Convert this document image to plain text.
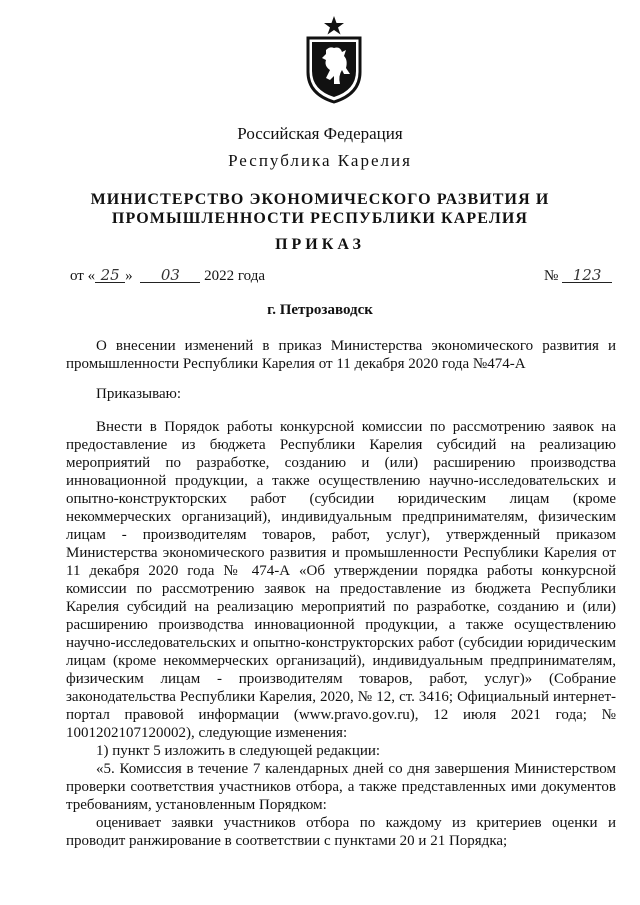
Российская Федерация
Республика Карелия
МИНИСТЕРСТВО ЭКОНОМИЧЕСКОГО РАЗВИТИЯ И
ПРОМЫШЛЕННОСТИ РЕСПУБЛИКИ КАРЕЛИЯ
ПРИКАЗ
от « 25 » 03 2022 года	№ 123
г. Петрозаводск

О внесении изменений в приказ Министерства экономического развития и промышленности Республики Карелия от 11 декабря 2020 года №474-А

Приказываю:

Внести в Порядок работы конкурсной комиссии по рассмотрению заявок на предоставление из бюджета Республики Карелия субсидий на реализацию мероприятий по разработке, созданию и (или) расширению производства инновационной продукции, а также осуществлению научно-исследовательских и опытно-конструкторских работ (субсидии юридическим лицам (кроме некоммерческих организаций), индивидуальным предпринимателям, физическим лицам - производителям товаров, работ, услуг), утвержденный приказом Министерства экономического развития и промышленности Республики Карелия от 11 декабря 2020 года № 474-А «Об утверждении порядка работы конкурсной комиссии по рассмотрению заявок на предоставление из бюджета Республики Карелия субсидий на реализацию мероприятий по разработке, созданию и (или) расширению производства инновационной продукции, а также осуществлению научно-исследовательских и опытно-конструкторских работ (субсидии юридическим лицам (кроме некоммерческих организаций), индивидуальным предпринимателям, физическим лицам - производителям товаров, работ, услуг)» (Собрание законодательства Республики Карелия, 2020, № 12, ст. 3416; Официальный интернет-портал правовой информации (www.pravo.gov.ru), 12 июля 2021 года; № 1001202107120002), следующие изменения:

1) пункт 5 изложить в следующей редакции:

«5. Комиссия в течение 7 календарных дней со дня завершения Министерством проверки соответствия участников отбора, а также представленных ими документов требованиям, установленным Порядком:

оценивает заявки участников отбора по каждому из критериев оценки и проводит ранжирование в соответствии с пунктами 20 и 21 Порядка;
